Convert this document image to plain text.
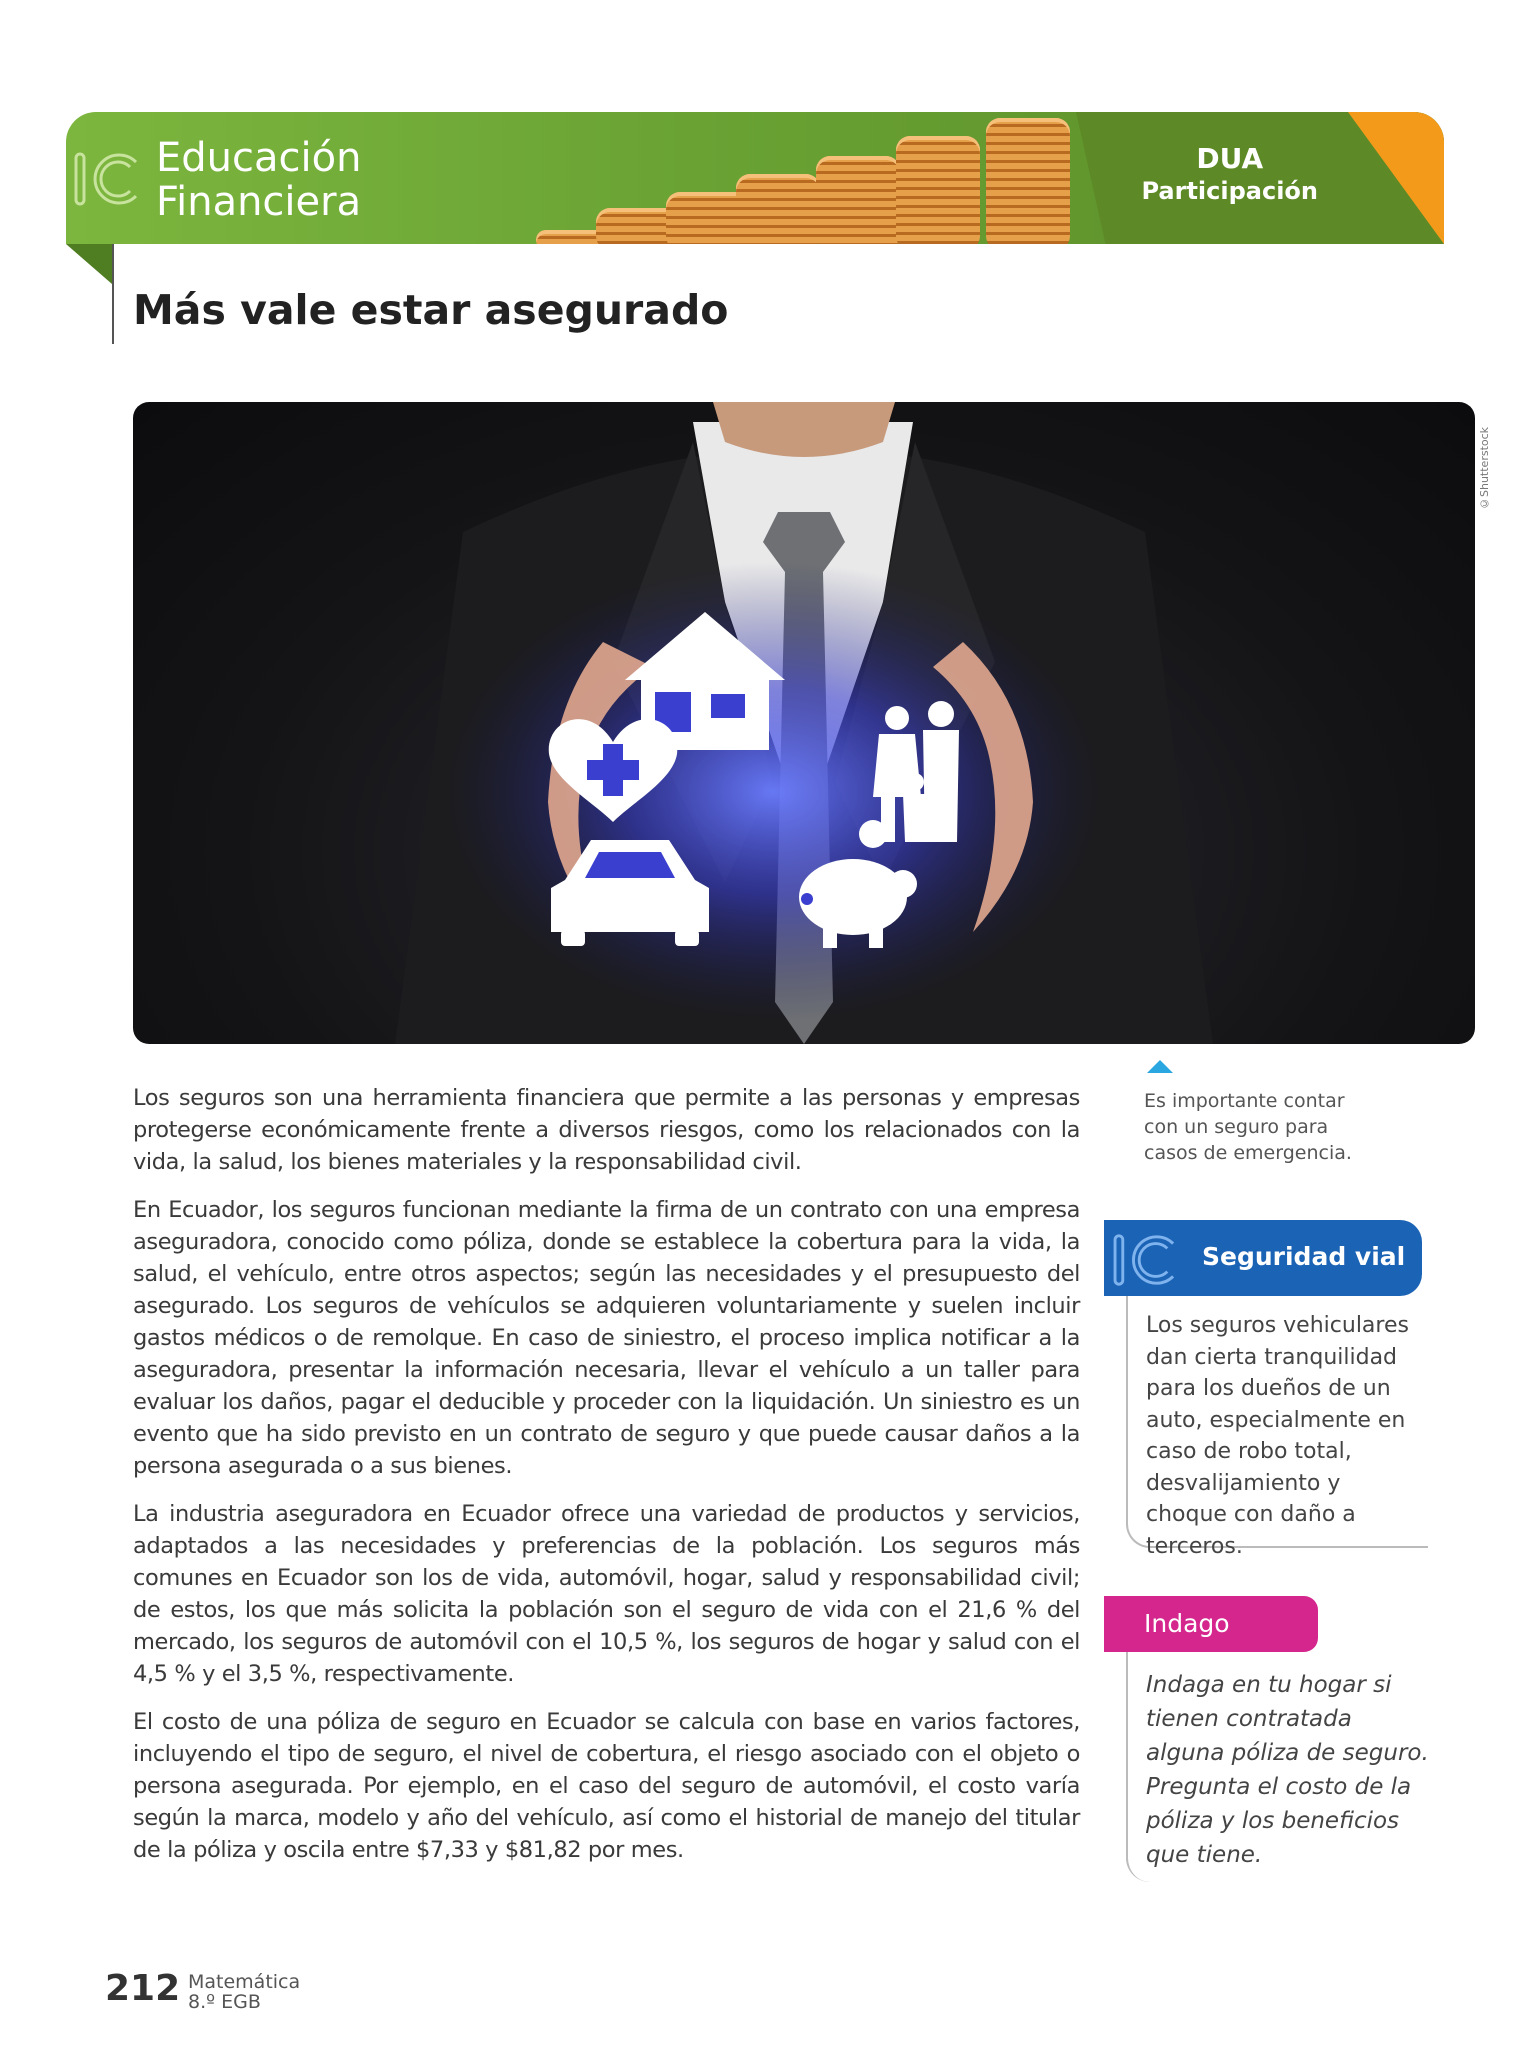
Educación
Financiera
DUA
Participación
Más vale estar asegurado
©Shutterstock
Es importante contar con un seguro para casos de emergencia.

Los seguros son una herramienta financiera que permite a las personas y empresas protegerse económicamente frente a diversos riesgos, como los relacionados con la vida, la salud, los bienes materiales y la responsabilidad civil.

En Ecuador, los seguros funcionan mediante la firma de un contrato con una empresa aseguradora, conocido como póliza, donde se establece la cobertura para la vida, la salud, el vehículo, entre otros aspectos; según las necesidades y el presupuesto del asegurado. Los seguros de vehículos se adquieren voluntariamente y suelen incluir gastos médicos o de remolque. En caso de siniestro, el proceso implica notificar a la aseguradora, presentar la información necesaria, llevar el vehículo a un taller para evaluar los daños, pagar el deducible y proceder con la liquidación. Un siniestro es un evento que ha sido previsto en un contrato de seguro y que puede causar daños a la persona asegurada o a sus bienes.

La industria aseguradora en Ecuador ofrece una variedad de productos y servicios, adaptados a las necesidades y preferencias de la población. Los seguros más comunes en Ecuador son los de vida, automóvil, hogar, salud y responsabilidad civil; de estos, los que más solicita la población son el seguro de vida con el 21,6 % del mercado, los seguros de automóvil con el 10,5 %, los seguros de hogar y salud con el 4,5 % y el 3,5 %, respectivamente.

El costo de una póliza de seguro en Ecuador se calcula con base en varios factores, incluyendo el tipo de seguro, el nivel de cobertura, el riesgo asociado con el objeto o persona asegurada. Por ejemplo, en el caso del seguro de automóvil, el costo varía según la marca, modelo y año del vehículo, así como el historial de manejo del titular de la póliza y oscila entre $7,33 y $81,82 por mes.

Seguridad vial
Los seguros vehiculares dan cierta tranquilidad para los dueños de un auto, especialmente en caso de robo total, desvalijamiento y choque con daño a terceros.
Indago
Indaga en tu hogar si tienen contratada alguna póliza de seguro. Pregunta el costo de la póliza y los beneficios que tiene.
212 Matemática
8.º EGB
